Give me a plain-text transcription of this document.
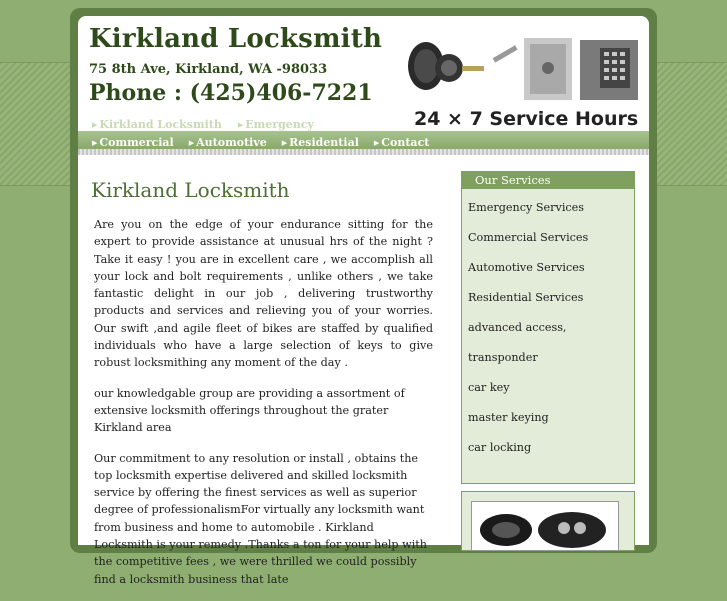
Kirkland Locksmith
75 8th Ave, Kirkland, WA -98033
Phone : (425)406-7221
24 × 7 Service Hours
▶ Kirkland Locksmith ▶ Emergency
▶ Commercial ▶ Automotive ▶ Residential ▶ Contact
Kirkland Locksmith

Are you on the edge of your endurance sitting for the expert to provide assistance at unusual hrs of the night ? Take it easy ! you are in excellent care , we accomplish all your lock and bolt requirements , unlike others , we take fantastic delight in our job , delivering trustworthy products and services and relieving you of your worries. Our swift ,and agile fleet of bikes are staffed by qualified individuals who have a large selection of keys to give robust locksmithing any moment of the day .

our knowledgable group are providing a assortment of extensive locksmith offerings throughout the grater Kirkland area

Our commitment to any resolution or install , obtains the top locksmith expertise delivered and skilled locksmith service by offering the finest services as well as superior degree of professionalismFor virtually any locksmith want from business and home to automobile . Kirkland Locksmith is your remedy .Thanks a ton for your help with the competitive fees , we were thrilled we could possibly find a locksmith business that late

Our Services
Emergency Services
Commercial Services
Automotive Services
Residential Services
advanced access,
transponder
car key
master keying
car locking
